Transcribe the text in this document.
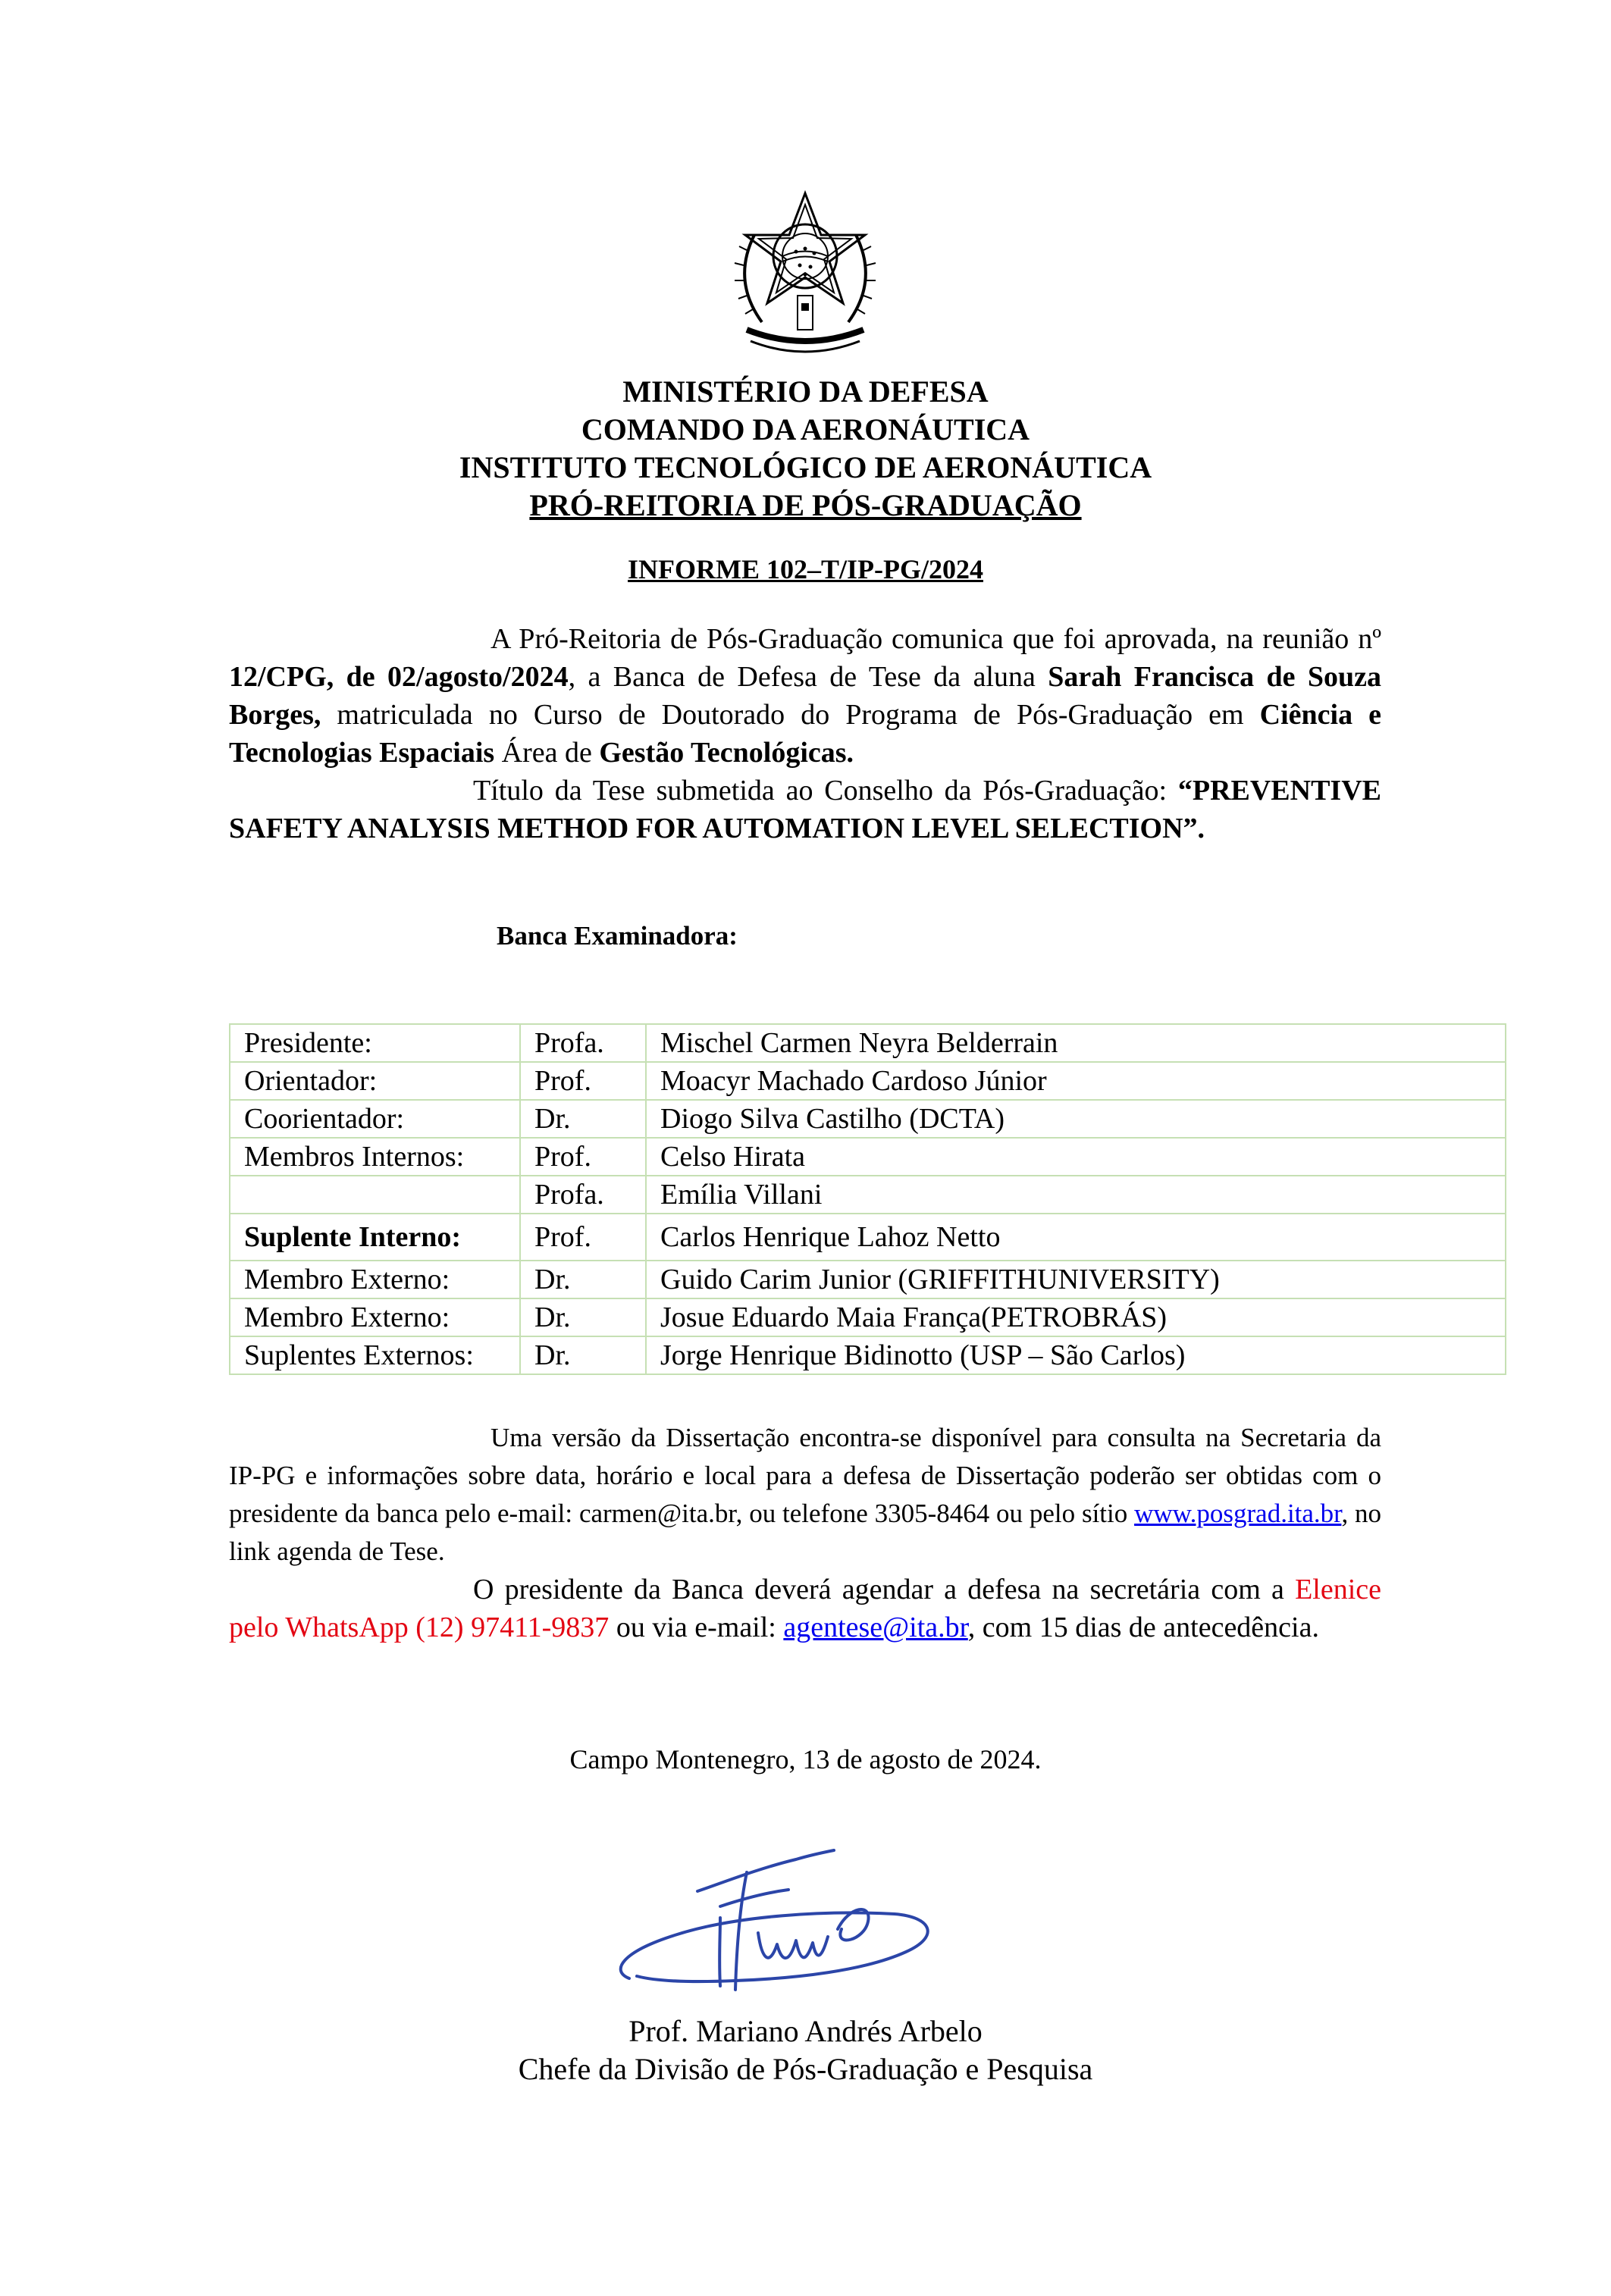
MINISTÉRIO DA DEFESA
COMANDO DA AERONÁUTICA
INSTITUTO TECNOLÓGICO DE AERONÁUTICA
PRÓ-REITORIA DE PÓS-GRADUAÇÃO
INFORME 102–T/IP-PG/2024

A Pró-Reitoria de Pós-Graduação comunica que foi aprovada, na reunião nº 12/CPG, de 02/agosto/2024, a Banca de Defesa de Tese da aluna Sarah Francisca de Souza Borges, matriculada no Curso de Doutorado do Programa de Pós-Graduação em Ciência e Tecnologias Espaciais Área de Gestão Tecnológicas.

Título da Tese submetida ao Conselho da Pós-Graduação: “PREVENTIVE SAFETY ANALYSIS METHOD FOR AUTOMATION LEVEL SELECTION”.

Banca Examinadora:
Presidente:	Profa.	Mischel Carmen Neyra Belderrain
Orientador:	Prof.	Moacyr Machado Cardoso Júnior
Coorientador:	Dr.	Diogo Silva Castilho (DCTA)
Membros Internos:	Prof.	Celso Hirata
	Profa.	Emília Villani
Suplente Interno:	Prof.	Carlos Henrique Lahoz Netto
Membro Externo:	Dr.	Guido Carim Junior (GRIFFITHUNIVERSITY)
Membro Externo:	Dr.	Josue Eduardo Maia França(PETROBRÁS)
Suplentes Externos:	Dr.	Jorge Henrique Bidinotto (USP – São Carlos)

Uma versão da Dissertação encontra-se disponível para consulta na Secretaria da IP-PG e informações sobre data, horário e local para a defesa de Dissertação poderão ser obtidas com o presidente da banca pelo e-mail: carmen@ita.br, ou telefone 3305-8464 ou pelo sítio www.posgrad.ita.br, no link agenda de Tese.

O presidente da Banca deverá agendar a defesa na secretária com a Elenice pelo WhatsApp (12) 97411-9837 ou via e-mail: agentese@ita.br, com 15 dias de antecedência.

Campo Montenegro, 13 de agosto de 2024.
Prof. Mariano Andrés Arbelo
Chefe da Divisão de Pós-Graduação e Pesquisa
